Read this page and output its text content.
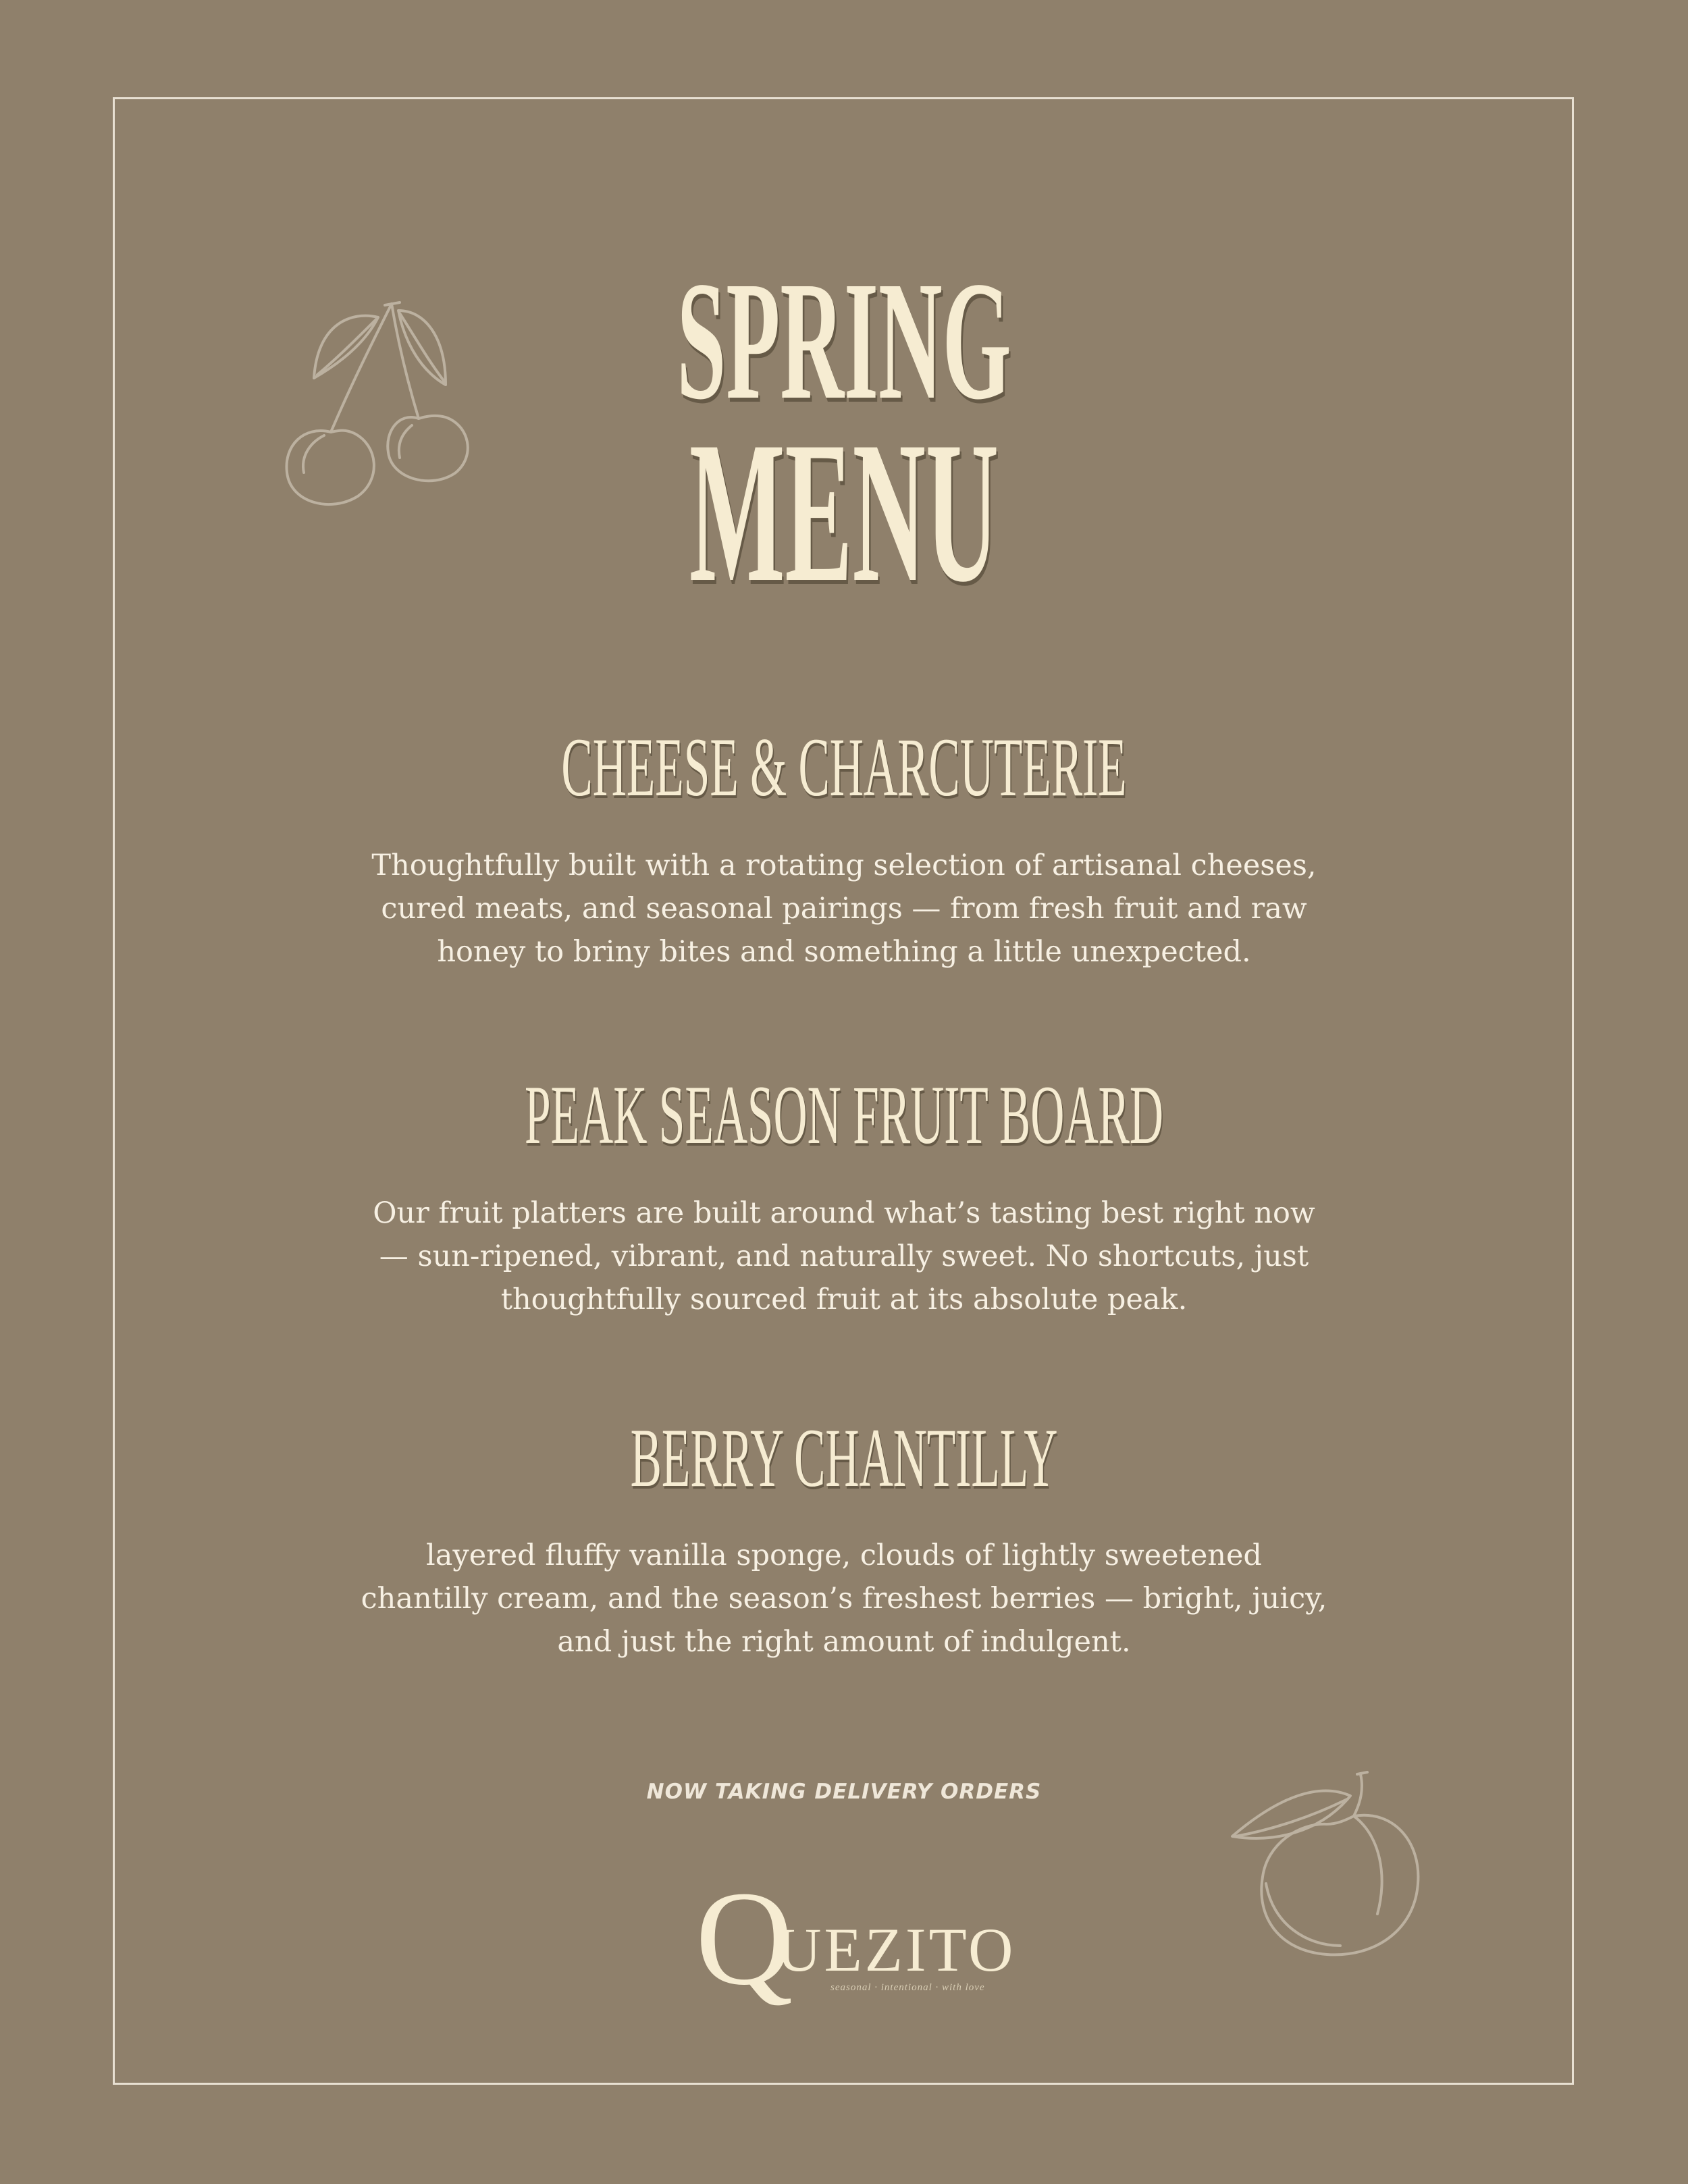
SPRING
MENU
CHEESE & CHARCUTERIE

Thoughtfully built with a rotating selection of artisanal cheeses,
cured meats, and seasonal pairings — from fresh fruit and raw
honey to briny bites and something a little unexpected.

PEAK SEASON FRUIT BOARD

Our fruit platters are built around what’s tasting best right now
— sun-ripened, vibrant, and naturally sweet. No shortcuts, just
thoughtfully sourced fruit at its absolute peak.

BERRY CHANTILLY

layered fluffy vanilla sponge, clouds of lightly sweetened
chantilly cream, and the season’s freshest berries — bright, juicy,
and just the right amount of indulgent.

NOW TAKING DELIVERY ORDERS

Q
UEZITO
seasonal · intentional · with love
